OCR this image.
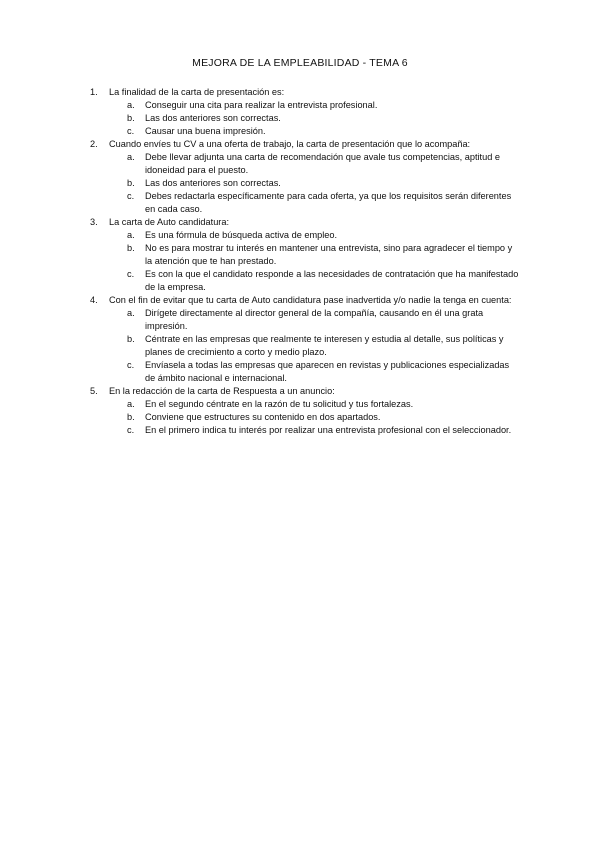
MEJORA DE LA EMPLEABILIDAD - TEMA 6
1. La finalidad de la carta de presentación es:
a. Conseguir una cita para realizar la entrevista profesional.
b. Las dos anteriores son correctas.
c. Causar una buena impresión.
2. Cuando envíes tu CV a una oferta de trabajo, la carta de presentación que lo acompaña:
a. Debe llevar adjunta una carta de recomendación que avale tus competencias, aptitud e idoneidad para el puesto.
b. Las dos anteriores son correctas.
c. Debes redactarla específicamente para cada oferta, ya que los requisitos serán diferentes en cada caso.
3. La carta de Auto candidatura:
a. Es una fórmula de búsqueda activa de empleo.
b. No es para mostrar tu interés en mantener una entrevista, sino para agradecer el tiempo y la atención que te han prestado.
c. Es con la que el candidato responde a las necesidades de contratación que ha manifestado de la empresa.
4. Con el fin de evitar que tu carta de Auto candidatura pase inadvertida y/o nadie la tenga en cuenta:
a. Dirígete directamente al director general de la compañía, causando en él una grata impresión.
b. Céntrate en las empresas que realmente te interesen y estudia al detalle, sus políticas y planes de crecimiento a corto y medio plazo.
c. Envíasela a todas las empresas que aparecen en revistas y publicaciones especializadas de ámbito nacional e internacional.
5. En la redacción de la carta de Respuesta a un anuncio:
a. En el segundo céntrate en la razón de tu solicitud y tus fortalezas.
b. Conviene que estructures su contenido en dos apartados.
c. En el primero indica tu interés por realizar una entrevista profesional con el seleccionador.
